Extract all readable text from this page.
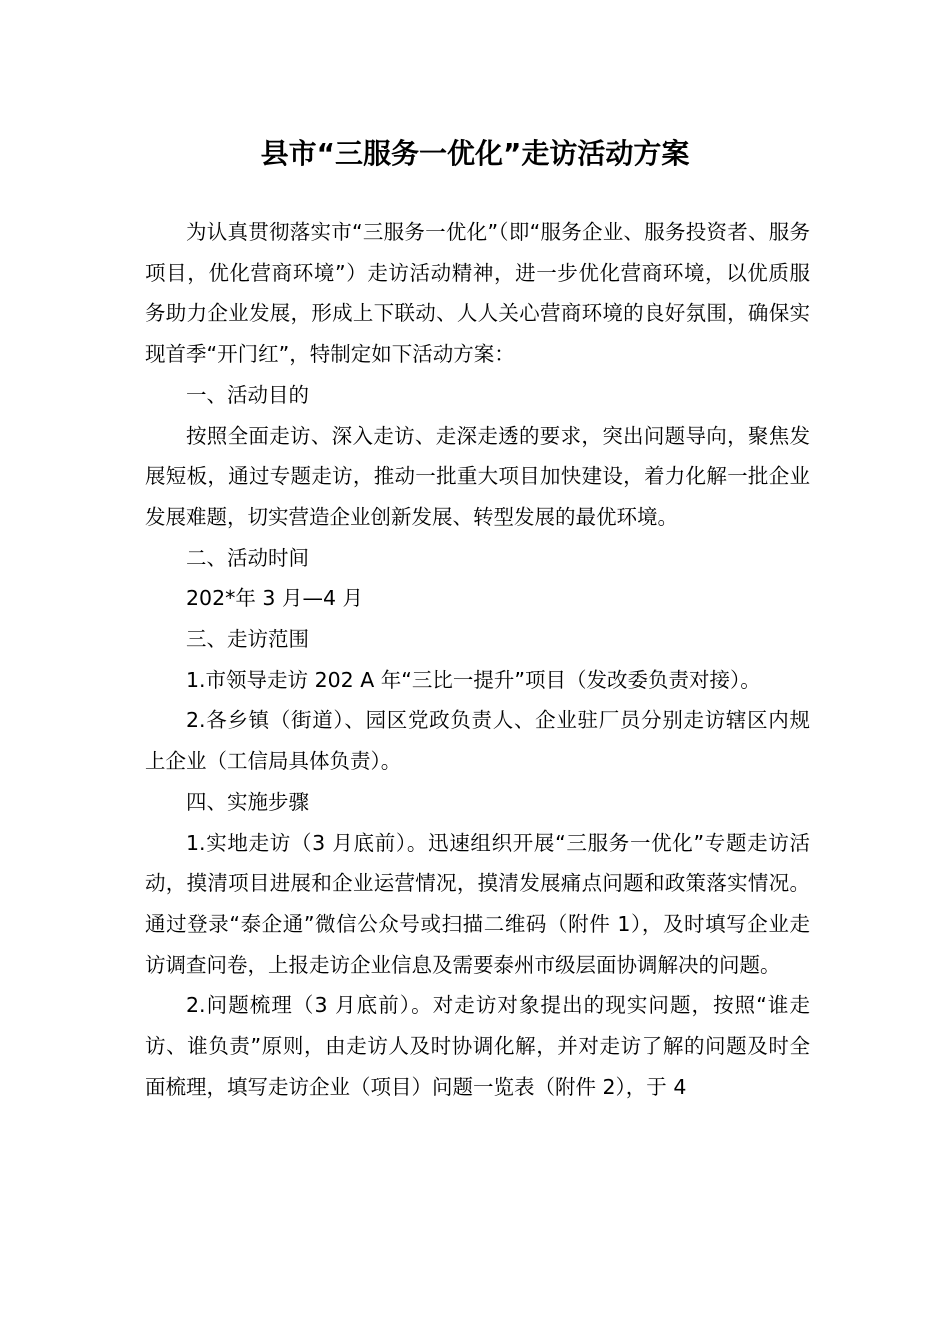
县市“三服务一优化”走访活动方案

为认真贯彻落实市“三服务一优化”（即“服务企业、服务投资者、服务项目，优化营商环境”）走访活动精神，进一步优化营商环境，以优质服务助力企业发展，形成上下联动、人人关心营商环境的良好氛围，确保实现首季“开门红”，特制定如下活动方案：

一、活动目的

按照全面走访、深入走访、走深走透的要求，突出问题导向，聚焦发展短板，通过专题走访，推动一批重大项目加快建设，着力化解一批企业发展难题，切实营造企业创新发展、转型发展的最优环境。

二、活动时间

202*年 3 月—4 月

三、走访范围

1.市领导走访 202 A 年“三比一提升”项目（发改委负责对接）。

2.各乡镇（街道）、园区党政负责人、企业驻厂员分别走访辖区内规上企业（工信局具体负责）。

四、实施步骤

1.实地走访（3 月底前）。迅速组织开展“三服务一优化”专题走访活动，摸清项目进展和企业运营情况，摸清发展痛点问题和政策落实情况。通过登录“泰企通”微信公众号或扫描二维码（附件 1），及时填写企业走访调查问卷，上报走访企业信息及需要泰州市级层面协调解决的问题。

2.问题梳理（3 月底前）。对走访对象提出的现实问题，按照“谁走访、谁负责”原则，由走访人及时协调化解，并对走访了解的问题及时全面梳理，填写走访企业（项目）问题一览表（附件 2），于 4
